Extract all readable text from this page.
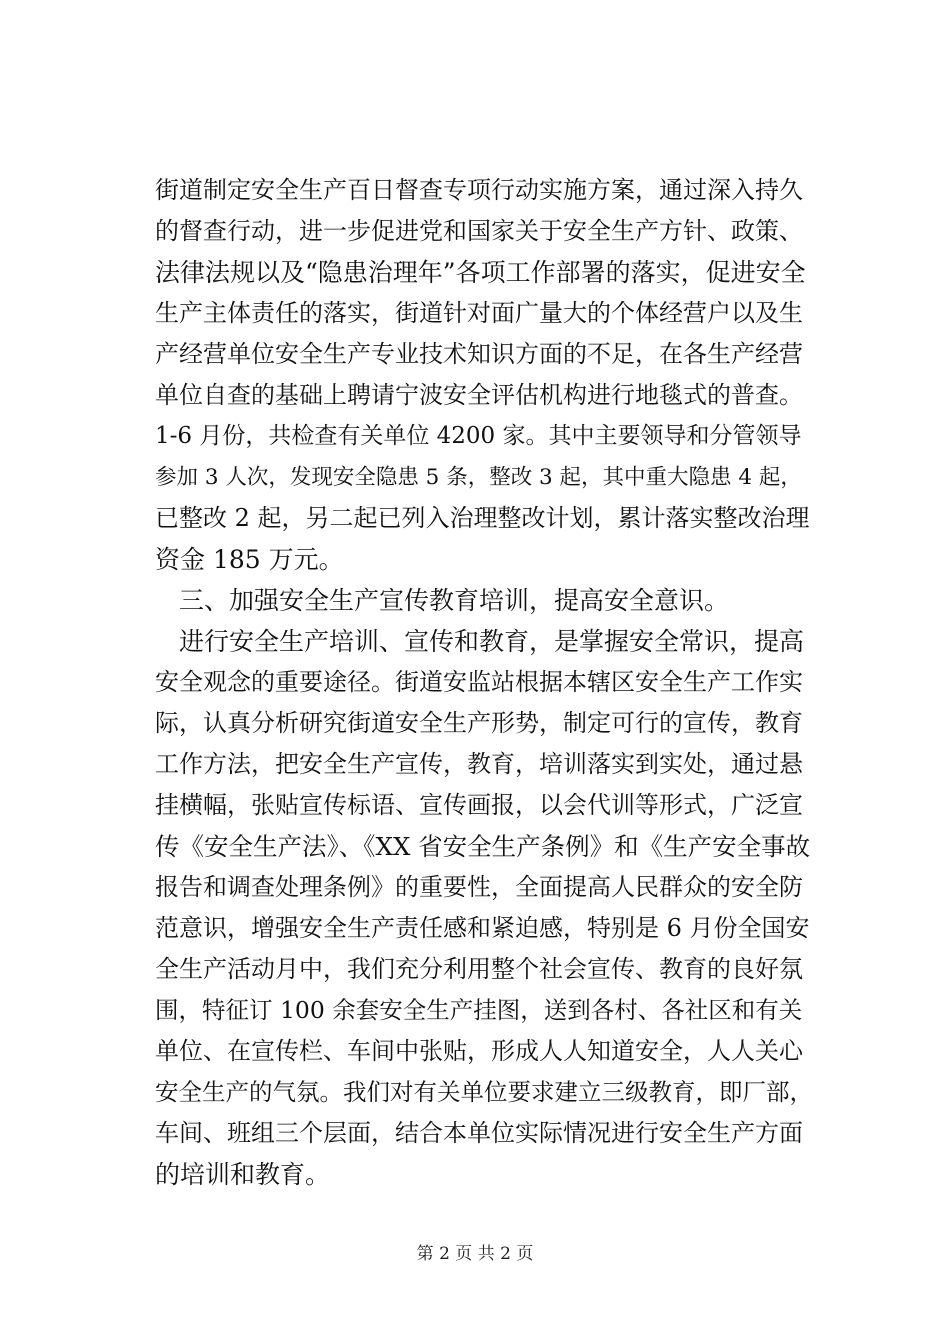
街道制定安全生产百日督查专项行动实施方案，通过深入持久
的督查行动，进一步促进党和国家关于安全生产方针、政策、
法律法规以及“隐患治理年”各项工作部署的落实，促进安全
生产主体责任的落实，街道针对面广量大的个体经营户以及生
产经营单位安全生产专业技术知识方面的不足，在各生产经营
单位自查的基础上聘请宁波安全评估机构进行地毯式的普查。
1-6 月份，共检查有关单位 4200 家。其中主要领导和分管领导
参加 3 人次，发现安全隐患 5 条，整改 3 起，其中重大隐患 4 起，
已整改 2 起，另二起已列入治理整改计划，累计落实整改治理
资金 185 万元。
三、加强安全生产宣传教育培训，提高安全意识。
进行安全生产培训、宣传和教育，是掌握安全常识，提高
安全观念的重要途径。街道安监站根据本辖区安全生产工作实
际，认真分析研究街道安全生产形势，制定可行的宣传，教育
工作方法，把安全生产宣传，教育，培训落实到实处，通过悬
挂横幅，张贴宣传标语、宣传画报，以会代训等形式，广泛宣
传《安全生产法》、《XX 省安全生产条例》和《生产安全事故
报告和调查处理条例》的重要性，全面提高人民群众的安全防
范意识，增强安全生产责任感和紧迫感，特别是 6 月份全国安
全生产活动月中，我们充分利用整个社会宣传、教育的良好氛
围，特征订 100 余套安全生产挂图，送到各村、各社区和有关
单位、在宣传栏、车间中张贴，形成人人知道安全，人人关心
安全生产的气氛。我们对有关单位要求建立三级教育，即厂部，
车间、班组三个层面，结合本单位实际情况进行安全生产方面
的培训和教育。
第 2 页 共 2 页
